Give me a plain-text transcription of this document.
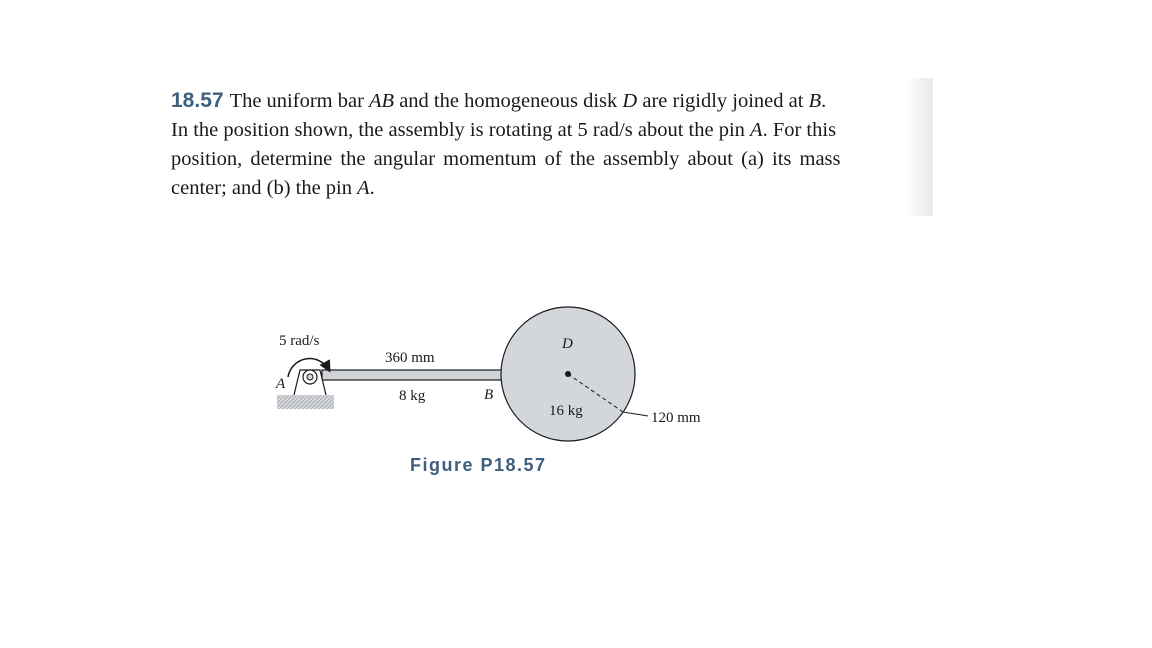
18.57 The uniform bar AB and the homogeneous disk D are rigidly joined at B.
In the position shown, the assembly is rotating at 5 rad/s about the pin A. For this
position, determine the angular momentum of the assembly about (a) its mass
center; and (b) the pin A.
5 rad/s
A
360 mm
8 kg	B
D
16 kg	120 mm
Figure P18.57
